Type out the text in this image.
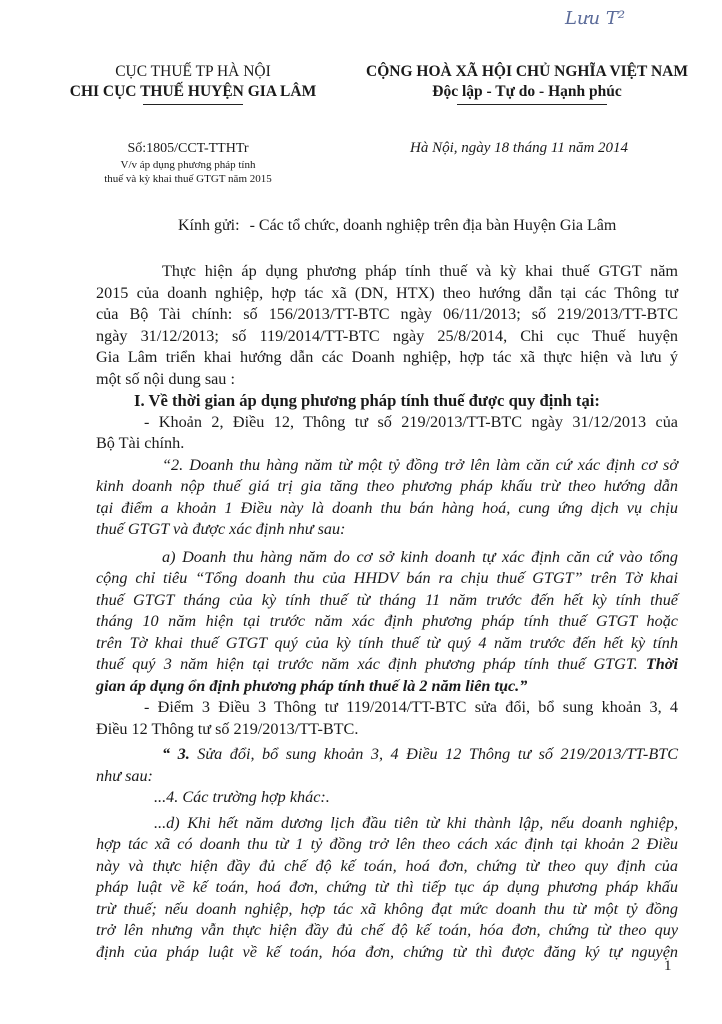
Lưu T²
CỤC THUẾ TP HÀ NỘI
CHI CỤC THUẾ HUYỆN GIA LÂM
CỘNG HOÀ XÃ HỘI CHỦ NGHĨA VIỆT NAM
Độc lập - Tự do - Hạnh phúc
Số:1805/CCT-TTHTr
V/v áp dụng phương pháp tính
thuế và kỳ khai thuế GTGT năm 2015
Hà Nội, ngày 18 tháng 11 năm 2014
Kính gửi: - Các tổ chức, doanh nghiệp trên địa bàn Huyện Gia Lâm

Thực hiện áp dụng phương pháp tính thuế và kỳ khai thuế GTGT năm

2015 của doanh nghiệp, hợp tác xã (DN, HTX) theo hướng dẫn tại các Thông tư

của Bộ Tài chính: số 156/2013/TT-BTC ngày 06/11/2013; số 219/2013/TT-BTC

ngày 31/12/2013; số 119/2014/TT-BTC ngày 25/8/2014, Chi cục Thuế huyện

Gia Lâm triển khai hướng dẫn các Doanh nghiệp, hợp tác xã thực hiện và lưu ý

một số nội dung sau :

I. Về thời gian áp dụng phương pháp tính thuế được quy định tại:

- Khoản 2, Điều 12, Thông tư số 219/2013/TT-BTC ngày 31/12/2013 của

Bộ Tài chính.

“2. Doanh thu hàng năm từ một tỷ đồng trở lên làm căn cứ xác định cơ sở

kinh doanh nộp thuế giá trị gia tăng theo phương pháp khấu trừ theo hướng dẫn

tại điểm a khoản 1 Điều này là doanh thu bán hàng hoá, cung ứng dịch vụ chịu

thuế GTGT và được xác định như sau:

a) Doanh thu hàng năm do cơ sở kinh doanh tự xác định căn cứ vào tổng

cộng chỉ tiêu “Tổng doanh thu của HHDV bán ra chịu thuế GTGT” trên Tờ khai

thuế GTGT tháng của kỳ tính thuế từ tháng 11 năm trước đến hết kỳ tính thuế

tháng 10 năm hiện tại trước năm xác định phương pháp tính thuế GTGT hoặc

trên Tờ khai thuế GTGT quý của kỳ tính thuế từ quý 4 năm trước đến hết kỳ tính

thuế quý 3 năm hiện tại trước năm xác định phương pháp tính thuế GTGT. Thời

gian áp dụng ổn định phương pháp tính thuế là 2 năm liên tục.”

- Điểm 3 Điều 3 Thông tư 119/2014/TT-BTC sửa đổi, bổ sung khoản 3, 4

Điều 12 Thông tư số 219/2013/TT-BTC.

“ 3. Sửa đổi, bổ sung khoản 3, 4 Điều 12 Thông tư số 219/2013/TT-BTC

như sau:

...4. Các trường hợp khác:.

...d) Khi hết năm dương lịch đầu tiên từ khi thành lập, nếu doanh nghiệp,

hợp tác xã có doanh thu từ 1 tỷ đồng trở lên theo cách xác định tại khoản 2 Điều

này và thực hiện đầy đủ chế độ kế toán, hoá đơn, chứng từ theo quy định của

pháp luật về kế toán, hoá đơn, chứng từ thì tiếp tục áp dụng phương pháp khấu

trừ thuế; nếu doanh nghiệp, hợp tác xã không đạt mức doanh thu từ một tỷ đồng

trở lên nhưng vẫn thực hiện đầy đủ chế độ kế toán, hóa đơn, chứng từ theo quy

định của pháp luật về kế toán, hóa đơn, chứng từ thì được đăng ký tự nguyện

1
